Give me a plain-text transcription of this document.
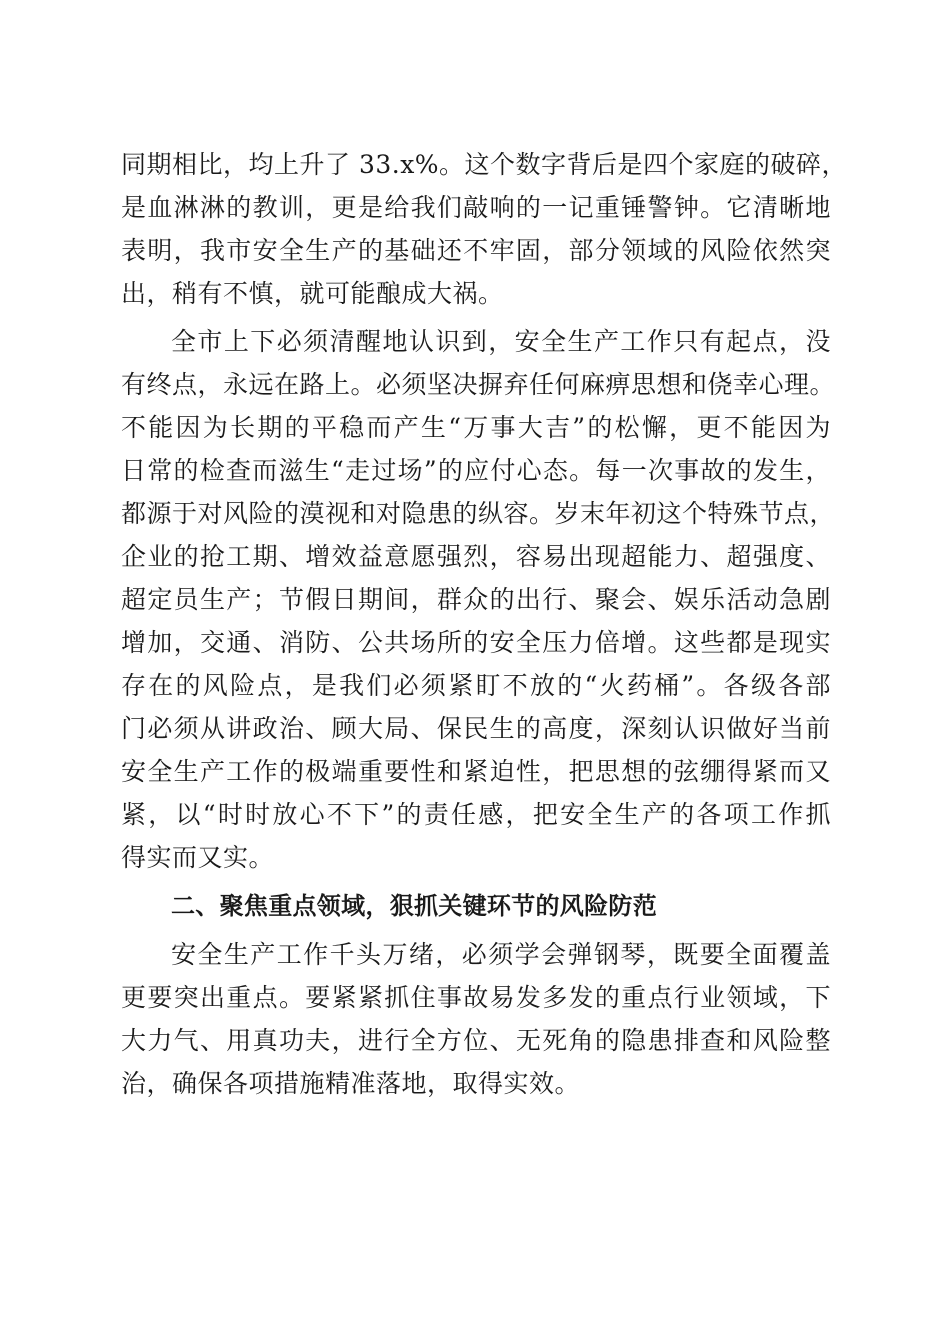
同期相比，均上升了 33.x%。这个数字背后是四个家庭的破碎，
是血淋淋的教训，更是给我们敲响的一记重锤警钟。它清晰地
表明，我市安全生产的基础还不牢固，部分领域的风险依然突
出，稍有不慎，就可能酿成大祸。
全市上下必须清醒地认识到，安全生产工作只有起点，没
有终点，永远在路上。必须坚决摒弃任何麻痹思想和侥幸心理。
不能因为长期的平稳而产生“万事大吉”的松懈，更不能因为
日常的检查而滋生“走过场”的应付心态。每一次事故的发生，
都源于对风险的漠视和对隐患的纵容。岁末年初这个特殊节点，
企业的抢工期、增效益意愿强烈，容易出现超能力、超强度、
超定员生产；节假日期间，群众的出行、聚会、娱乐活动急剧
增加，交通、消防、公共场所的安全压力倍增。这些都是现实
存在的风险点，是我们必须紧盯不放的“火药桶”。各级各部
门必须从讲政治、顾大局、保民生的高度，深刻认识做好当前
安全生产工作的极端重要性和紧迫性，把思想的弦绷得紧而又
紧，以“时时放心不下”的责任感，把安全生产的各项工作抓
得实而又实。
二、聚焦重点领域，狠抓关键环节的风险防范
安全生产工作千头万绪，必须学会弹钢琴，既要全面覆盖
更要突出重点。要紧紧抓住事故易发多发的重点行业领域，下
大力气、用真功夫，进行全方位、无死角的隐患排查和风险整
治，确保各项措施精准落地，取得实效。
